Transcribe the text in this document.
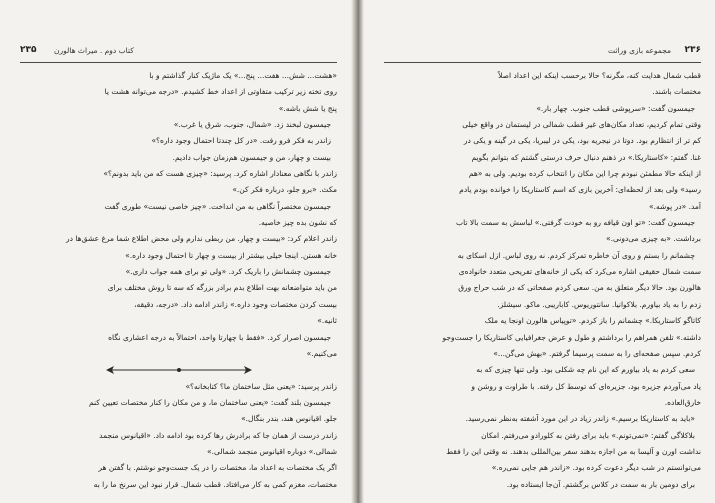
۲۳۵ کتاب دوم . میراث هالورن
«هشت... شش... هفت... پنج...» یک ماژیک کنار گذاشتم و با
روی تخته زیر ترکیب متفاوتی از اعداد خط کشیدم. «درجه می‌توانه هشت یا
پنج یا شش باشه.»
جیمسون لبخند زد. «شمال، جنوب، شرق یا غرب.»
زاندر به فکر فرو رفت. «در کل چندتا احتمال وجود داره؟»
بیست و چهار، من و جیمسون هم‌زمان جواب دادیم.
زاندر با نگاهی معنادار اشاره کرد. پرسید: «چیزی هست که من باید بدونم؟»
مکث. «برو جلو، درباره فکر کن.»
جیمسون مختصراً نگاهی به من انداخت. «چیز خاصی نیست» طوری گفت
که نشون بده چیز خاصیه.
زاندر اعلام کرد: «بیست و چهار. من ربطی ندارم ولی محض اطلاع شما مرغ عشق‌ها در
خانه هستن. اینجا خیلی بیشتر از بیست و چهار تا احتمال وجود داره.»
جیمسون چشمانش را باریک کرد. «ولی تو برای همه جواب داری.»
من باید متواضعانه بهت اطلاع بدم برادر بزرگه که سه تا روش مختلف برای
بیست کردن مختصات وجود داره.» زاندر ادامه داد. «درجه، دقیقه،
ثانیه.»
جیمسون اصرار کرد. «فقط با چهارتا واحد، احتمالاً به درجه اعشاری نگاه
می‌کنیم.»
زاندر پرسید: «یعنی مثل ساختمان ما؟ کتابخانه؟»
جیمسون بلند گفت: «یعنی ساختمان ما، و من مکان را کنار مختصات تعیین کنم
جلو. اقیانوس هند، بندر بنگال.»
زاندر درست از همان جا که برادرش رها کرده بود ادامه داد. «اقیانوس منجمد
شمالی.» دوباره اقیانوس منجمد شمالی.»
اگر یک مختصات به اعداد ما، مختصات را در یک جست‌وجو نوشتم. با گفتن هر
مختصات، مغزم کمی به کار می‌افتاد. قطب شمال. قرار نبود این سرنخ ما را به
۲۳۶
مجموعه بازی وراثت
قطب شمال هدایت کنه، مگرنه؟ حالا برحسب اینکه این اعداد اصلاً
مختصات باشند.
جیمسون گفت: «سرپوشی قطب جنوب. چهار بار.»
وقتی تمام کردیم، تعداد مکان‌های غیر قطب شمالی در لیستمان در واقع خیلی
کم تر از انتظارم بود. دوتا در نیجریه بود، یکی در لیبریا، یکی در گینه و یکی در
غنا. گفتم: «کاستاریکا.» در ذهنم دنبال حرف درستی گشتم که بتوانم بگویم
از اینکه حالا مطمئن نبودم چرا این مکان را انتخاب کرده بودیم. ولی به «هم
رسید» ولی بعد از لحظه‌ای: آخرین بازی که اسم کاستاریکا را خوانده بودم یادم
آمد. «در پوشه.»
جیمسون گفت: «تو اون قیافه رو به خودت گرفتی.» لباسش به سمت بالا تاب
برداشت. «به چیزی می‌دونی.»
چشمانم را بستم و روی آن خاطره تمرکز کردم. نه روی لباس. ازل اسکای به
سمت شمال حقیقی اشاره می‌کرد که یکی از خانه‌های تفریحی متعدد خانواده‌ی
هالورن بود. حالا دیگر متعلق به من. سعی کردم صفحاتی که در شب حراج ورق
زدم را به یاد بیاورم. بلاکوانیا. سانتوریوس. کاباریبی. ماکو. سیشلز.
کاتاگو کاستاریکا.» چشمانم را باز کردم. «توپیاس هالورن اونجا یه ملک
داشته.» تلفن همراهم را برداشتم و طول و عرض جغرافیایی کاستاریکا را جست‌وجو
کردم. سپس صفحه‌ای را به سمت پرسیما گرفتم. «بهش می‌گن...»
سعی کردم به یاد بیاورم که این نام چه شکلی بود. ولی تنها چیزی که به
یاد می‌آوردم جزیره بود، جزیره‌ای که توسط کل رفته. با طراوت و روشن و
خارق‌العاده.
«باید به کاستاریکا برسیم.» زاندر زیاد در این مورد آشفته به‌نظر نمی‌رسید.
بلاکلاگی گفتم: «نمی‌تونم.» باید برای رفتن به کلورادو می‌رفتم. امکان
نداشت اورن و آلیسا به من اجازه بدهند سفر بین‌المللی بدهند. نه وقتی این را فقط
می‌توانستم در شب دیگر دعوت کرده بود. «زاندر هم جایی نمی‌ره.»
برای دومین بار به سمت در کلاس برگشتم. آن‌جا ایستاده بود.
